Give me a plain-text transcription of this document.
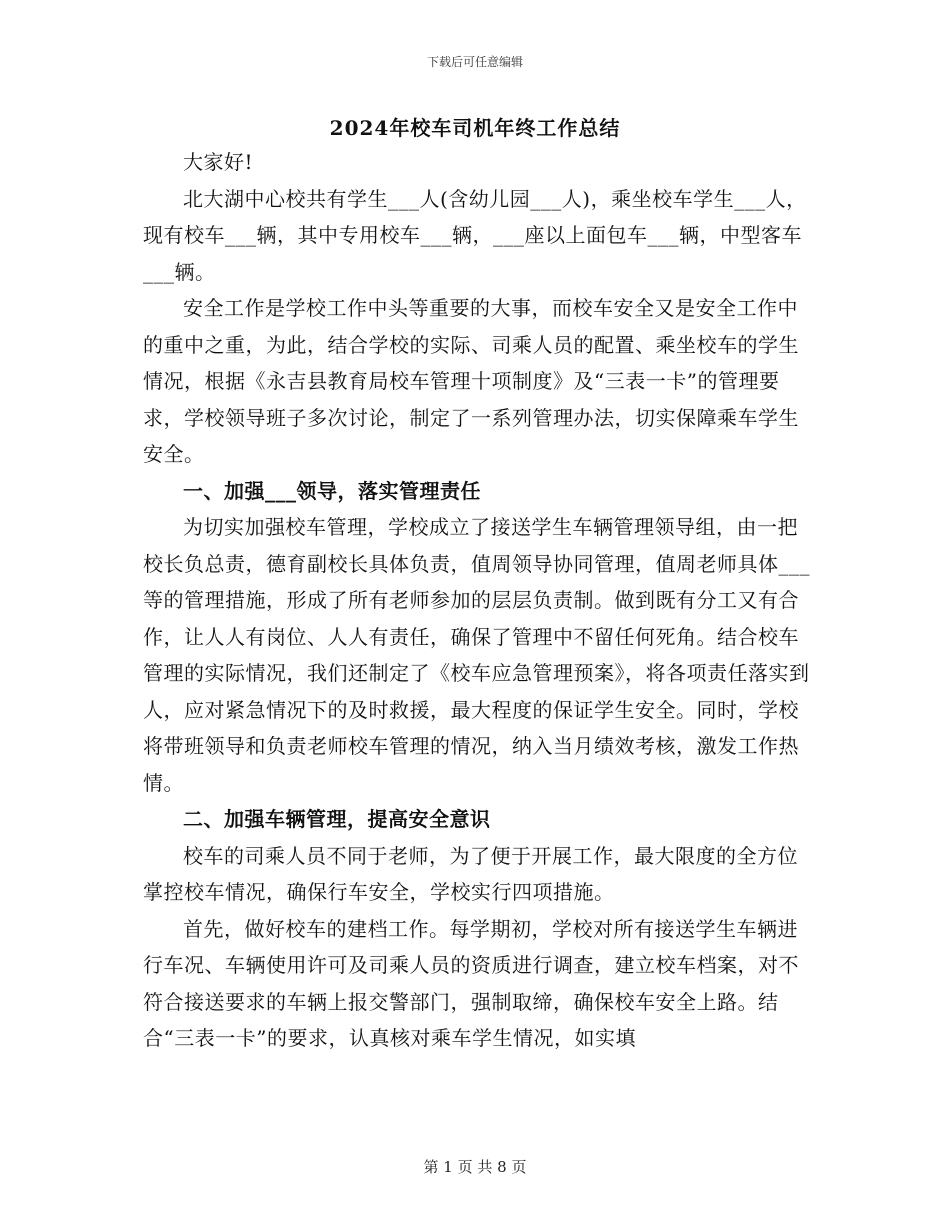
下载后可任意编辑
2024年校车司机年终工作总结

大家好!

北大湖中心校共有学生___人(含幼儿园___人)，乘坐校车学生___人，现有校车___辆，其中专用校车___辆，___座以上面包车___辆，中型客车___辆。

安全工作是学校工作中头等重要的大事，而校车安全又是安全工作中的重中之重，为此，结合学校的实际、司乘人员的配置、乘坐校车的学生情况，根据《永吉县教育局校车管理十项制度》及“三表一卡”的管理要求，学校领导班子多次讨论，制定了一系列管理办法，切实保障乘车学生安全。

一、加强___领导，落实管理责任

为切实加强校车管理，学校成立了接送学生车辆管理领导组，由一把校长负总责，德育副校长具体负责，值周领导协同管理，值周老师具体___等的管理措施，形成了所有老师参加的层层负责制。做到既有分工又有合作，让人人有岗位、人人有责任，确保了管理中不留任何死角。结合校车管理的实际情况，我们还制定了《校车应急管理预案》，将各项责任落实到人，应对紧急情况下的及时救援，最大程度的保证学生安全。同时，学校将带班领导和负责老师校车管理的情况，纳入当月绩效考核，激发工作热情。

二、加强车辆管理，提高安全意识

校车的司乘人员不同于老师，为了便于开展工作，最大限度的全方位掌控校车情况，确保行车安全，学校实行四项措施。

首先，做好校车的建档工作。每学期初，学校对所有接送学生车辆进行车况、车辆使用许可及司乘人员的资质进行调查，建立校车档案，对不符合接送要求的车辆上报交警部门，强制取缔，确保校车安全上路。结合“三表一卡”的要求，认真核对乘车学生情况，如实填

第 1 页 共 8 页
